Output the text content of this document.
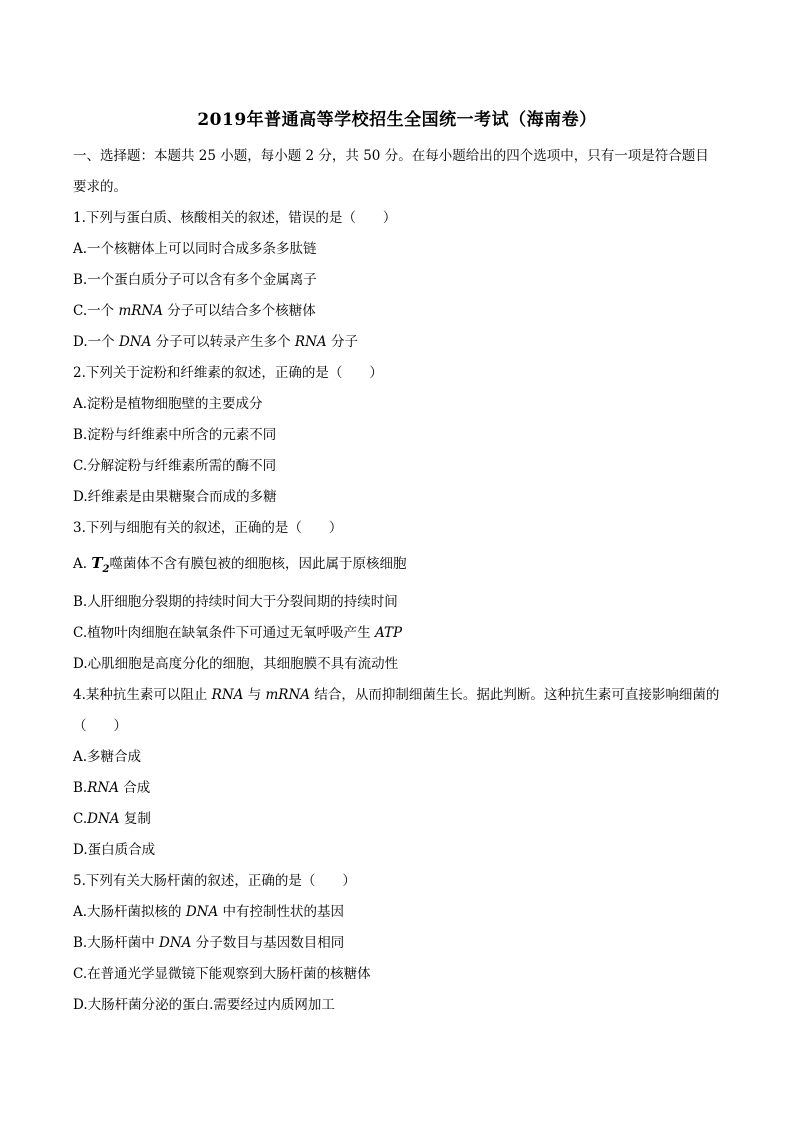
2019年普通高等学校招生全国统一考试（海南卷）
一、选择题：本题共 25 小题，每小题 2 分，共 50 分。在每小题给出的四个选项中，只有一项是符合题目
要求的。
1.下列与蛋白质、核酸相关的叙述，错误的是（　　）
A.一个核糖体上可以同时合成多条多肽链
B.一个蛋白质分子可以含有多个金属离子
C.一个 mRNA 分子可以结合多个核糖体
D.一个 DNA 分子可以转录产生多个 RNA 分子
2.下列关于淀粉和纤维素的叙述，正确的是（　　）
A.淀粉是植物细胞壁的主要成分
B.淀粉与纤维素中所含的元素不同
C.分解淀粉与纤维素所需的酶不同
D.纤维素是由果糖聚合而成的多糖
3.下列与细胞有关的叙述，正确的是（　　）
A. $T_2$噬菌体不含有膜包被的细胞核，因此属于原核细胞
B.人肝细胞分裂期的持续时间大于分裂间期的持续时间
C.植物叶肉细胞在缺氧条件下可通过无氧呼吸产生 ATP
D.心肌细胞是高度分化的细胞，其细胞膜不具有流动性
4.某种抗生素可以阻止 RNA 与 mRNA 结合，从而抑制细菌生长。据此判断。这种抗生素可直接影响细菌的
（　　）
A.多糖合成
B.RNA 合成
C.DNA 复制
D.蛋白质合成
5.下列有关大肠杆菌的叙述，正确的是（　　）
A.大肠杆菌拟核的 DNA 中有控制性状的基因
B.大肠杆菌中 DNA 分子数目与基因数目相同
C.在普通光学显微镜下能观察到大肠杆菌的核糖体
D.大肠杆菌分泌的蛋白.需要经过内质网加工
